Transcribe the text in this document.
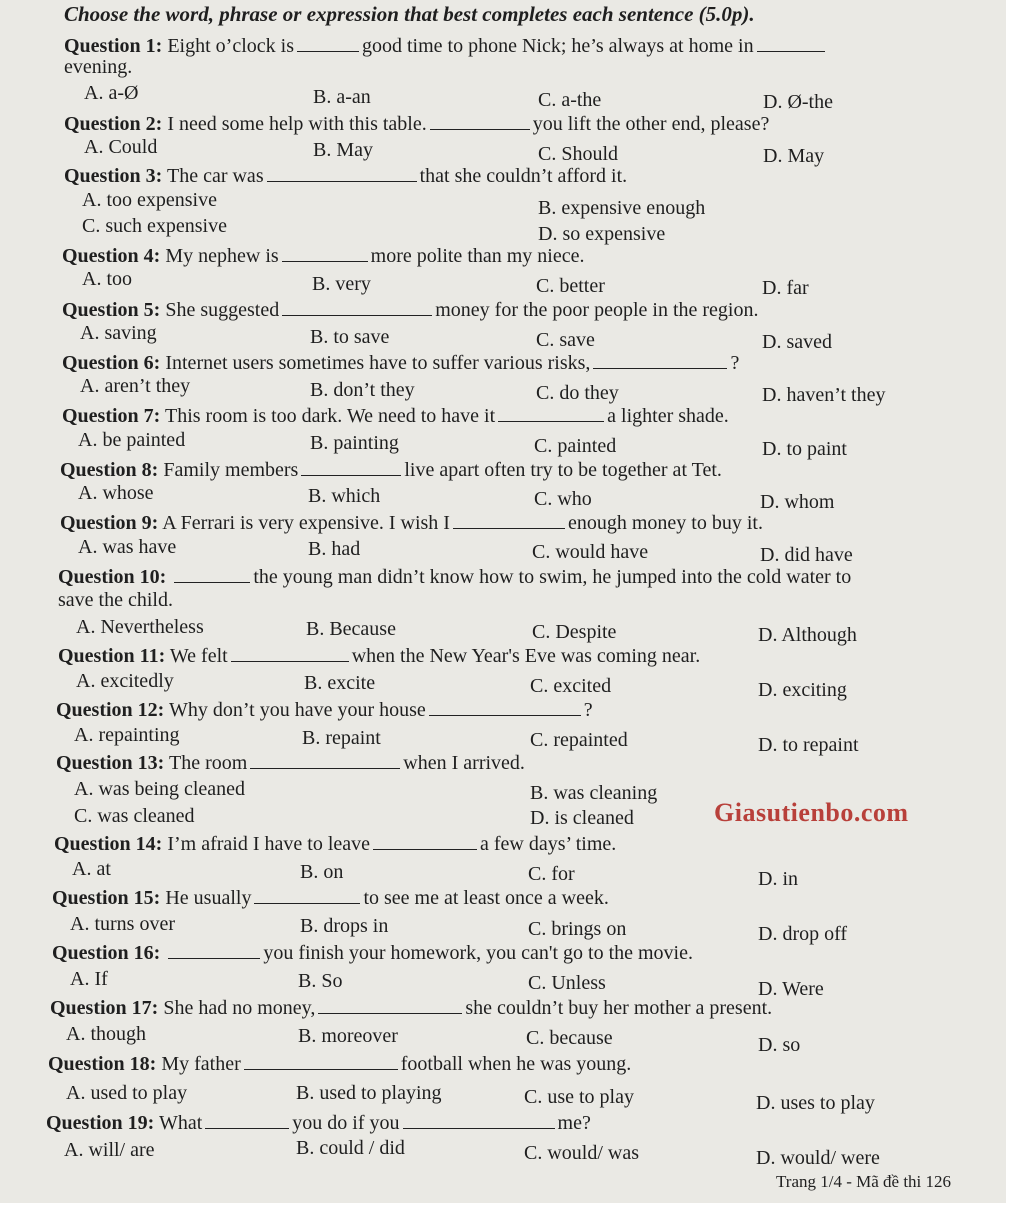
Choose the word, phrase or expression that best completes each sentence (5.0p).
Question 1: Eight o’clock is	good time to phone Nick; he’s always at home in
evening.
A. a-Ø	B. a-an	C. a-the	D. Ø-the
Question 2: I need some help with this table.	you lift the other end, please?
A. Could	B. May	C. Should	D. May
Question 3: The car was	that she couldn’t afford it.
A. too expensive	B. expensive enough
C. such expensive	D. so expensive
Question 4: My nephew is	more polite than my niece.
A. too	B. very	C. better	D. far
Question 5: She suggested	money for the poor people in the region.
A. saving	B. to save	C. save	D. saved
Question 6: Internet users sometimes have to suffer various risks,	?
A. aren’t they	B. don’t they	C. do they	D. haven’t they
Question 7: This room is too dark. We need to have it	a lighter shade.
A. be painted	B. painting	C. painted	D. to paint
Question 8: Family members	live apart often try to be together at Tet.
A. whose	B. which	C. who	D. whom
Question 9: A Ferrari is very expensive. I wish I	enough money to buy it.
A. was have	B. had	C. would have	D. did have
Question 10:	the young man didn’t know how to swim, he jumped into the cold water to
save the child.
A. Nevertheless	B. Because	C. Despite	D. Although
Question 11: We felt	when the New Year's Eve was coming near.
A. excitedly	B. excite	C. excited	D. exciting
Question 12: Why don’t you have your house	?
A. repainting	B. repaint	C. repainted	D. to repaint
Question 13: The room	when I arrived.
A. was being cleaned	B. was cleaning
C. was cleaned	D. is cleaned	Giasutienbo.com
Question 14: I’m afraid I have to leave	a few days’ time.
A. at	B. on	C. for	D. in
Question 15: He usually	to see me at least once a week.
A. turns over	B. drops in	C. brings on	D. drop off
Question 16:	you finish your homework, you can't go to the movie.
A. If	B. So	C. Unless	D. Were
Question 17: She had no money,	she couldn’t buy her mother a present.
A. though	B. moreover	C. because	D. so
Question 18: My father	football when he was young.
A. used to play	B. used to playing	C. use to play	D. uses to play
Question 19: What	you do if you	me?
A. will/ are	B. could / did	C. would/ was	D. would/ were
Trang 1/4 - Mã đề thi 126
